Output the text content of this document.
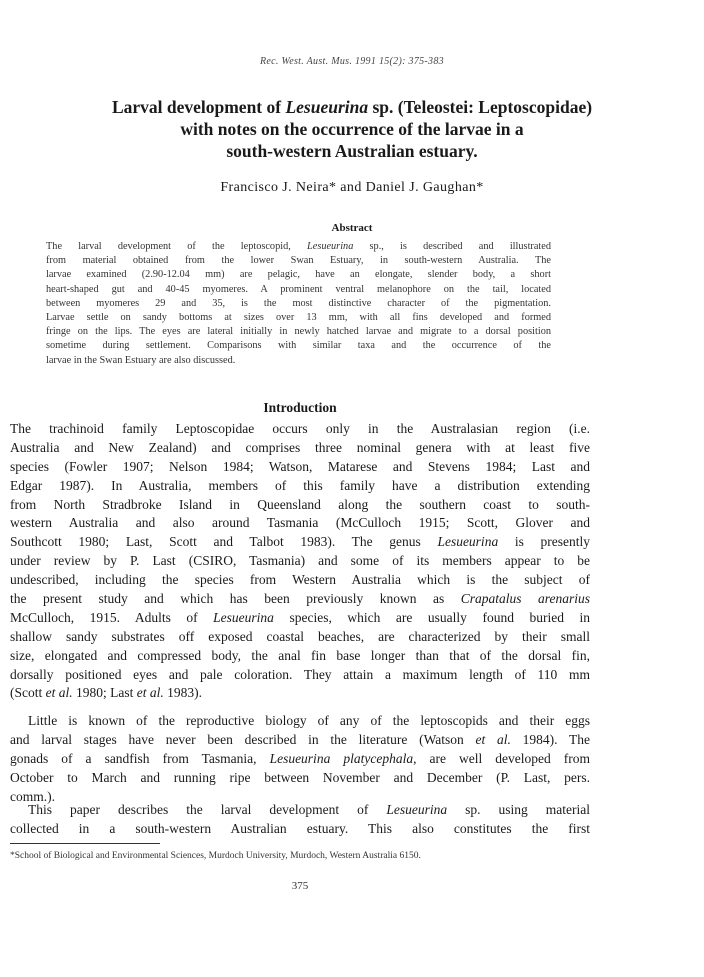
Rec. West. Aust. Mus. 1991 15(2): 375-383
Larval development of Lesueurina sp. (Teleostei: Leptoscopidae)
with notes on the occurrence of the larvae in a
south-western Australian estuary.
Francisco J. Neira* and Daniel J. Gaughan*
Abstract
The larval development of the leptoscopid, Lesueurina sp., is described and illustrated
from material obtained from the lower Swan Estuary, in south-western Australia. The
larvae examined (2.90-12.04 mm) are pelagic, have an elongate, slender body, a short
heart-shaped gut and 40-45 myomeres. A prominent ventral melanophore on the tail, located
between myomeres 29 and 35, is the most distinctive character of the pigmentation.
Larvae settle on sandy bottoms at sizes over 13 mm, with all fins developed and formed
fringe on the lips. The eyes are lateral initially in newly hatched larvae and migrate to a dorsal position
sometime during settlement. Comparisons with similar taxa and the occurrence of the
larvae in the Swan Estuary are also discussed.
Introduction
The trachinoid family Leptoscopidae occurs only in the Australasian region (i.e.
Australia and New Zealand) and comprises three nominal genera with at least five
species (Fowler 1907; Nelson 1984; Watson, Matarese and Stevens 1984; Last and
Edgar 1987). In Australia, members of this family have a distribution extending
from North Stradbroke Island in Queensland along the southern coast to south-
western Australia and also around Tasmania (McCulloch 1915; Scott, Glover and
Southcott 1980; Last, Scott and Talbot 1983). The genus Lesueurina is presently
under review by P. Last (CSIRO, Tasmania) and some of its members appear to be
undescribed, including the species from Western Australia which is the subject of
the present study and which has been previously known as Crapatalus arenarius
McCulloch, 1915. Adults of Lesueurina species, which are usually found buried in
shallow sandy substrates off exposed coastal beaches, are characterized by their small
size, elongated and compressed body, the anal fin base longer than that of the dorsal fin,
dorsally positioned eyes and pale coloration. They attain a maximum length of 110 mm
(Scott et al. 1980; Last et al. 1983).
Little is known of the reproductive biology of any of the leptoscopids and their eggs
and larval stages have never been described in the literature (Watson et al. 1984). The
gonads of a sandfish from Tasmania, Lesueurina platycephala, are well developed from
October to March and running ripe between November and December (P. Last, pers.
comm.).
This paper describes the larval development of Lesueurina sp. using material
collected in a south-western Australian estuary. This also constitutes the first
*School of Biological and Environmental Sciences, Murdoch University, Murdoch, Western Australia 6150.
375
